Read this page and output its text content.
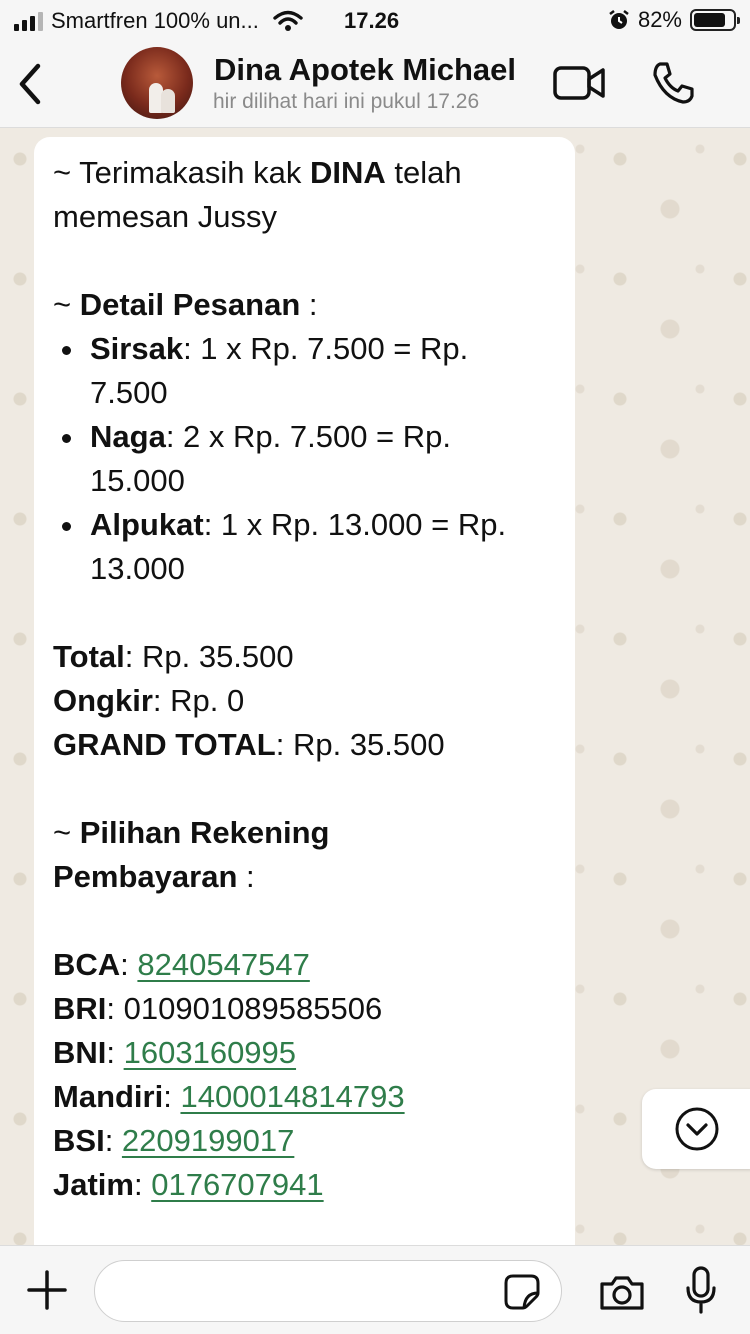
Smartfren 100% un...	17.26	82%
Dina Apotek Michael
hir dilihat hari ini pukul 17.26
~ Terimakasih kak DINA telah
memesan Jussy
~ Detail Pesanan :
Sirsak: 1 x Rp. 7.500 = Rp.
7.500
Naga: 2 x Rp. 7.500 = Rp.
15.000
Alpukat: 1 x Rp. 13.000 = Rp.
13.000
Total: Rp. 35.500
Ongkir: Rp. 0
GRAND TOTAL: Rp. 35.500
~ Pilihan Rekening
Pembayaran :
BCA: 8240547547
BRI: 010901089585506
BNI: 1603160995
Mandiri: 1400014814793
BSI: 2209199017
Jatim: 0176707941
